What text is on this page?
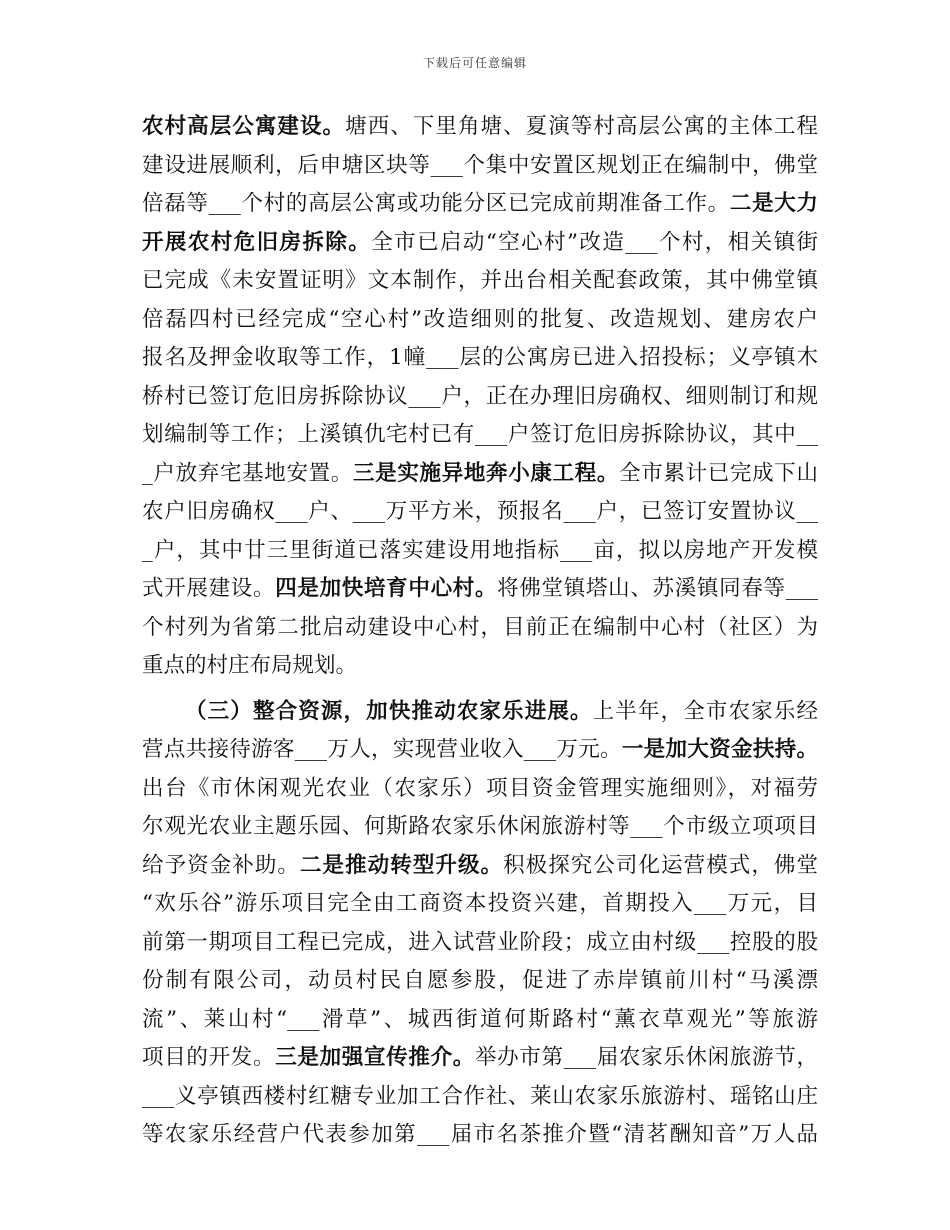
下载后可任意编辑
农村高层公寓建设。塘西、下里角塘、夏演等村高层公寓的主体工程
建设进展顺利，后申塘区块等___个集中安置区规划正在编制中，佛堂
倍磊等___个村的高层公寓或功能分区已完成前期准备工作。二是大力
开展农村危旧房拆除。全市已启动“空心村”改造___个村，相关镇街
已完成《未安置证明》文本制作，并出台相关配套政策，其中佛堂镇
倍磊四村已经完成“空心村”改造细则的批复、改造规划、建房农户
报名及押金收取等工作，1幢___层的公寓房已进入招投标；义亭镇木
桥村已签订危旧房拆除协议___户，正在办理旧房确权、细则制订和规
划编制等工作；上溪镇仇宅村已有___户签订危旧房拆除协议，其中__
_户放弃宅基地安置。三是实施异地奔小康工程。全市累计已完成下山
农户旧房确权___户、___万平方米，预报名___户，已签订安置协议__
_户，其中廿三里街道已落实建设用地指标___亩，拟以房地产开发模
式开展建设。四是加快培育中心村。将佛堂镇塔山、苏溪镇同春等___
个村列为省第二批启动建设中心村，目前正在编制中心村（社区）为
重点的村庄布局规划。
（三）整合资源，加快推动农家乐进展。上半年，全市农家乐经
营点共接待游客___万人，实现营业收入___万元。一是加大资金扶持。
出台《市休闲观光农业（农家乐）项目资金管理实施细则》，对福劳
尔观光农业主题乐园、何斯路农家乐休闲旅游村等___个市级立项项目
给予资金补助。二是推动转型升级。积极探究公司化运营模式，佛堂
“欢乐谷”游乐项目完全由工商资本投资兴建，首期投入___万元，目
前第一期项目工程已完成，进入试营业阶段；成立由村级___控股的股
份制有限公司，动员村民自愿参股，促进了赤岸镇前川村“马溪漂
流”、莱山村“___滑草”、城西街道何斯路村“薰衣草观光”等旅游
项目的开发。三是加强宣传推介。举办市第___届农家乐休闲旅游节，
___义亭镇西楼村红糖专业加工合作社、莱山农家乐旅游村、瑶铭山庄
等农家乐经营户代表参加第___届市名茶推介暨“清茗酬知音”万人品
